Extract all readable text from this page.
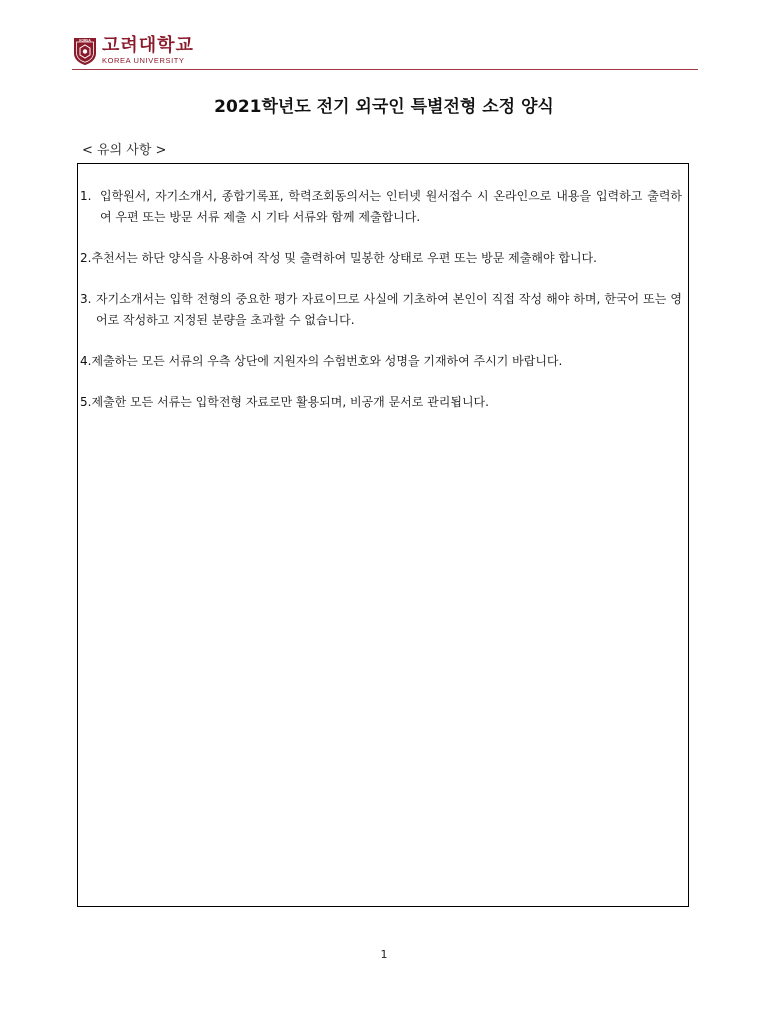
KOREA 고려대학교
KOREA UNIVERSITY
2021학년도 전기 외국인 특별전형 소정 양식
< 유의 사항 >
1. 입학원서, 자기소개서, 종합기록표, 학력조회동의서는 인터넷 원서접수 시 온라인으로 내용을 입력하고 출력하여 우편 또는 방문 서류 제출 시 기타 서류와 함께 제출합니다.
2. 추천서는 하단 양식을 사용하여 작성 및 출력하여 밀봉한 상태로 우편 또는 방문 제출해야 합니다.
3. 자기소개서는 입학 전형의 중요한 평가 자료이므로 사실에 기초하여 본인이 직접 작성 해야 하며, 한국어 또는 영어로 작성하고 지정된 분량을 초과할 수 없습니다.
4. 제출하는 모든 서류의 우측 상단에 지원자의 수험번호와 성명을 기재하여 주시기 바랍니다.
5. 제출한 모든 서류는 입학전형 자료로만 활용되며, 비공개 문서로 관리됩니다.
1
